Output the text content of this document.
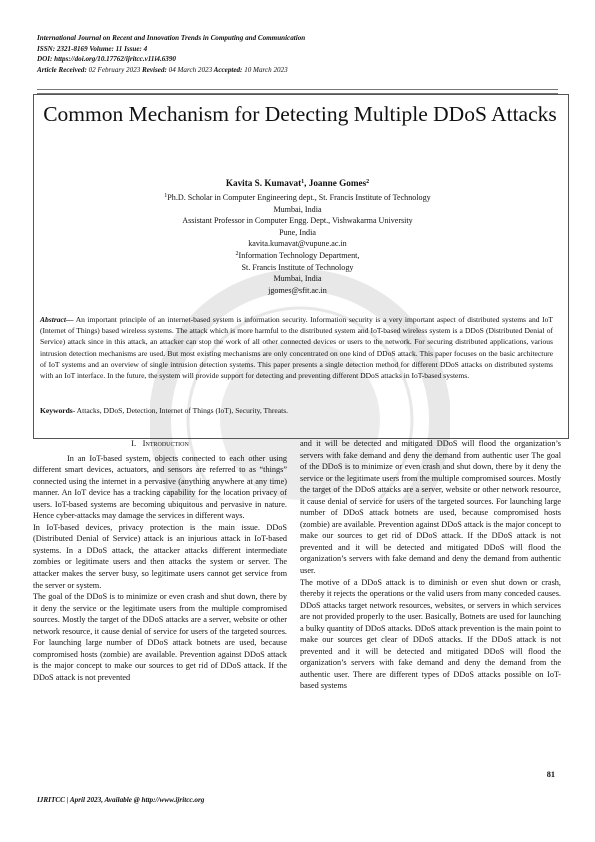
International Journal on Recent and Innovation Trends in Computing and Communication
ISSN: 2321-8169 Volume: 11 Issue: 4
DOI: https://doi.org/10.17762/ijritcc.v11i4.6390
Article Received: 02 February 2023 Revised: 04 March 2023 Accepted: 10 March 2023
Common Mechanism for Detecting Multiple DDoS Attacks
Kavita S. Kumavat$^1$, Joanne Gomes$^2$
$^1$Ph.D. Scholar in Computer Engineering dept., St. Francis Institute of Technology
Mumbai, India
Assistant Professor in Computer Engg. Dept., Vishwakarma University
Pune, India
kavita.kumavat@vupune.ac.in
$^2$Information Technology Department,
St. Francis Institute of Technology
Mumbai, India
jgomes@sfit.ac.in
Abstract— An important principle of an internet-based system is information security. Information security is a very important aspect of distributed systems and IoT (Internet of Things) based wireless systems. The attack which is more harmful to the distributed system and IoT-based wireless system is a DDoS (Distributed Denial of Service) attack since in this attack, an attacker can stop the work of all other connected devices or users to the network. For securing distributed applications, various intrusion detection mechanisms are used. But most existing mechanisms are only concentrated on one kind of DDoS attack. This paper focuses on the basic architecture of IoT systems and an overview of single intrusion detection systems. This paper presents a single detection method for different DDoS attacks on distributed systems with an IoT interface. In the future, the system will provide support for detecting and preventing different DDoS attacks in IoT-based systems.
Keywords- Attacks, DDoS, Detection, Internet of Things (IoT), Security, Threats.

I. Introduction

In an IoT-based system, objects connected to each other using different smart devices, actuators, and sensors are referred to as “things” connected using the internet in a pervasive (anything anywhere at any time) manner. An IoT device has a tracking capability for the location privacy of users. IoT-based systems are becoming ubiquitous and pervasive in nature. Hence cyber-attacks may damage the services in different ways.

In IoT-based devices, privacy protection is the main issue. DDoS (Distributed Denial of Service) attack is an injurious attack in IoT-based systems. In a DDoS attack, the attacker attacks different intermediate zombies or legitimate users and then attacks the system or server. The attacker makes the server busy, so legitimate users cannot get service from the server or system.

The goal of the DDoS is to minimize or even crash and shut down, there by it deny the service or the legitimate users from the multiple compromised sources. Mostly the target of the DDoS attacks are a server, website or other network resource, it cause denial of service for users of the targeted sources. For launching large number of DDoS attack botnets are used, because compromised hosts (zombie) are available. Prevention against DDoS attack is the major concept to make our sources to get rid of DDoS attack. If the DDoS attack is not prevented

and it will be detected and mitigated DDoS will flood the organization’s servers with fake demand and deny the demand from authentic user The goal of the DDoS is to minimize or even crash and shut down, there by it deny the service or the legitimate users from the multiple compromised sources. Mostly the target of the DDoS attacks are a server, website or other network resource, it cause denial of service for users of the targeted sources. For launching large number of DDoS attack botnets are used, because compromised hosts (zombie) are available. Prevention against DDoS attack is the major concept to make our sources to get rid of DDoS attack. If the DDoS attack is not prevented and it will be detected and mitigated DDoS will flood the organization’s servers with fake demand and deny the demand from authentic user.

The motive of a DDoS attack is to diminish or even shut down or crash, thereby it rejects the operations or the valid users from many conceded causes. DDoS attacks target network resources, websites, or servers in which services are not provided properly to the user. Basically, Botnets are used for launching a bulky quantity of DDoS attacks. DDoS attack prevention is the main point to make our sources get clear of DDoS attacks. If the DDoS attack is not prevented and it will be detected and mitigated DDoS will flood the organization’s servers with fake demand and deny the demand from the authentic user. There are different types of DDoS attacks possible on IoT-based systems

81
IJRITCC | April 2023, Available @ http://www.ijritcc.org
